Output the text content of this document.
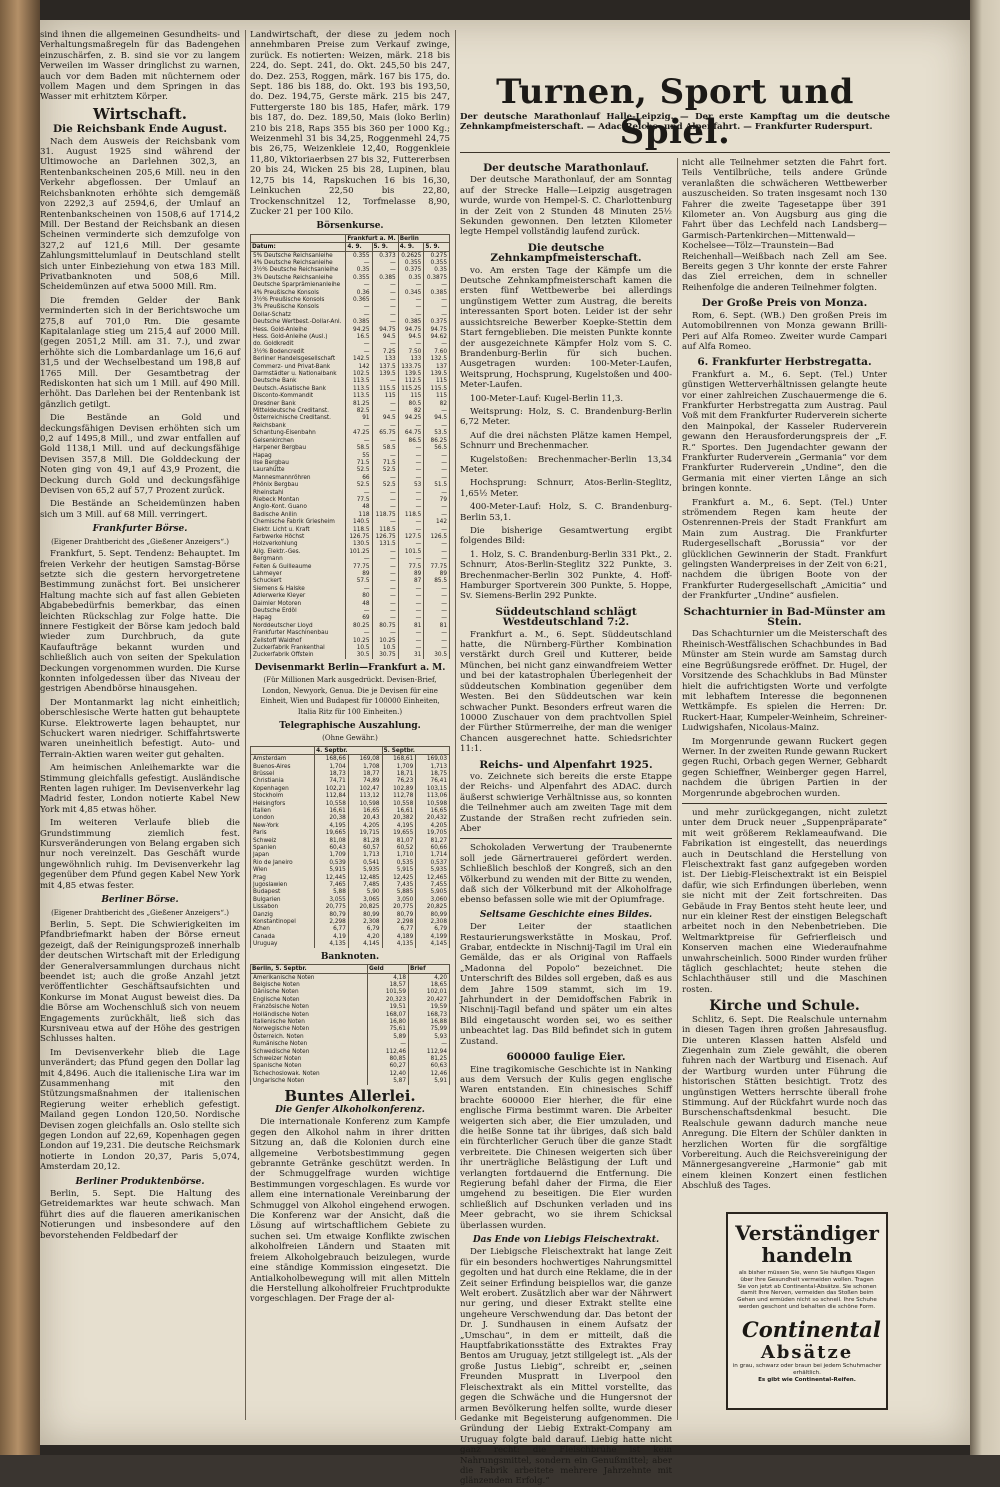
sind ihnen die allgemeinen Gesundheits- und Verhaltungsmaßregeln für das Badengehen einzuschärfen, z. B. sind sie vor zu langem Verweilen im Wasser dringlichst zu warnen, auch vor dem Baden mit nüchternem oder vollem Magen und dem Springen in das Wasser mit erhitztem Körper.

Wirtschaft.
Die Reichsbank Ende August.

Nach dem Ausweis der Reichsbank vom 31. August 1925 sind während der Ultimowoche an Darlehnen 302,3, an Rentenbankscheinen 205,6 Mill. neu in den Verkehr abgeflossen. Der Umlauf an Reichsbanknoten erhöhte sich demgemäß von 2292,3 auf 2594,6, der Umlauf an Rentenbankscheinen von 1508,6 auf 1714,2 Mill. Der Bestand der Reichsbank an diesen Scheinen verminderte sich demzufolge von 327,2 auf 121,6 Mill. Der gesamte Zahlungsmittelumlauf in Deutschland stellt sich unter Einbeziehung von etwa 183 Mill. Privatbanknoten und 508,6 Mill. Scheidemünzen auf etwa 5000 Mill. Rm.

Die fremden Gelder der Bank verminderten sich in der Berichtswoche um 275,8 auf 701,0 Rm. Die gesamte Kapitalanlage stieg um 215,4 auf 2000 Mill. (gegen 2051,2 Mill. am 31. 7.), und zwar erhöhte sich die Lombardanlage um 16,6 auf 31,5 und der Wechselbestand um 198,8 auf 1765 Mill. Der Gesamtbetrag der Rediskonten hat sich um 1 Mill. auf 490 Mill. erhöht. Das Darlehen bei der Rentenbank ist gänzlich getilgt.

Die Bestände an Gold und deckungsfähigen Devisen erhöhten sich um 0,2 auf 1495,8 Mill., und zwar entfallen auf Gold 1138,1 Mill. und auf deckungsfähige Devisen 357,8 Mill. Die Golddeckung der Noten ging von 49,1 auf 43,9 Prozent, die Deckung durch Gold und deckungsfähige Devisen von 65,2 auf 57,7 Prozent zurück.

Die Bestände an Scheidemünzen haben sich um 3 Mill. auf 68 Mill. verringert.

Frankfurter Börse.
(Eigener Drahtbericht des „Gießener Anzeigers“.)

Frankfurt, 5. Sept. Tendenz: Behauptet. Im freien Verkehr der heutigen Samstag-Börse setzte sich die gestern hervorgetretene Bestimmung zunächst fort. Bei unsicherer Haltung machte sich auf fast allen Gebieten Abgabebedürfnis bemerkbar, das einen leichten Rückschlag zur Folge hatte. Die innere Festigkeit der Börse kam jedoch bald wieder zum Durchbruch, da gute Kaufaufträge bekannt wurden und schließlich auch von seiten der Spekulation Deckungen vorgenommen wurden. Die Kurse konnten infolgedessen über das Niveau der gestrigen Abendbörse hinausgehen.

Der Montanmarkt lag nicht einheitlich; oberschlesische Werte hatten gut behauptete Kurse. Elektrowerte lagen behauptet, nur Schuckert waren niedriger. Schiffahrtswerte waren uneinheitlich befestigt. Auto- und Terrain-Aktien waren weiter gut gehalten.

Am heimischen Anleihemarkte war die Stimmung gleichfalls gefestigt. Ausländische Renten lagen ruhiger. Im Devisenverkehr lag Madrid fester, London notierte Kabel New York mit 4,85 etwas höher.

Im weiteren Verlaufe blieb die Grundstimmung ziemlich fest. Kursveränderungen von Belang ergaben sich nur noch vereinzelt. Das Geschäft wurde ungewöhnlich ruhig. Im Devisenverkehr lag gegenüber dem Pfund gegen Kabel New York mit 4,85 etwas fester.

Berliner Börse.
(Eigener Drahtbericht des „Gießener Anzeigers“.)

Berlin, 5. Sept. Die Schwierigkeiten im Pfandbriefmarkt haben der Börse erneut gezeigt, daß der Reinigungsprozeß innerhalb der deutschen Wirtschaft mit der Erledigung der Generalversammlungen durchaus nicht beendet ist; auch die große Anzahl jetzt veröffentlichter Geschäftsaufsichten und Konkurse im Monat August beweist dies. Da die Börse am Wochenschluß sich von neuem Engagements zurückhält, ließ sich das Kursniveau etwa auf der Höhe des gestrigen Schlusses halten.

Im Devisenverkehr blieb die Lage unverändert; das Pfund gegen den Dollar lag mit 4,8496. Auch die italienische Lira war im Zusammenhang mit den Stützungsmaßnahmen der italienischen Regierung weiter erheblich gefestigt. Mailand gegen London 120,50. Nordische Devisen zogen gleichfalls an. Oslo stellte sich gegen London auf 22,69, Kopenhagen gegen London auf 19,231. Die deutsche Reichsmark notierte in London 20,37, Paris 5,074, Amsterdam 20,12.

Berliner Produktenbörse.

Berlin, 5. Sept. Die Haltung des Getreidemarktes war heute schwach. Man führt dies auf die flaueren amerikanischen Notierungen und insbesondere auf den bevorstehenden Feldbedarf der

Landwirtschaft, der diese zu jedem noch annehmbaren Preise zum Verkauf zwinge, zurück. Es notierten: Weizen, märk. 218 bis 224, do. Sept. 241, do. Okt. 245,50 bis 247, do. Dez. 253, Roggen, märk. 167 bis 175, do. Sept. 186 bis 188, do. Okt. 193 bis 193,50, do. Dez. 194,75, Gerste märk. 215 bis 247, Futtergerste 180 bis 185, Hafer, märk. 179 bis 187, do. Dez. 189,50, Mais (loko Berlin) 210 bis 218, Raps 355 bis 360 per 1000 Kg.; Weizenmehl 31 bis 34,25, Roggenmehl 24,75 bis 26,75, Weizenkleie 12,40, Roggenkleie 11,80, Viktoriaerbsen 27 bis 32, Futtererbsen 20 bis 24, Wicken 25 bis 28, Lupinen, blau 12,75 bis 14, Rapskuchen 16 bis 16,30, Leinkuchen 22,50 bis 22,80, Trockenschnitzel 12, Torfmelasse 8,90, Zucker 21 per 100 Kilo.

Börsenkurse.
	Frankfurt a. M.		Berlin	
Datum:	4. 9.	5. 9.	4. 9.	5. 9.
5% Deutsche Reichsanleihe	0.355	0.373	0.2625	0.275
4% Deutsche Reichsanleihe	—	—	0.355	0.355
3½% Deutsche Reichsanleihe	0.35	—	0.375	0.35
3% Deutsche Reichsanleihe	0.355	0.385	0.35	0.3875
Deutsche Sparprämienanleihe	—	—	—	—
4% Preußische Konsols	0.36	—	0.345	0.385
3½% Preußische Konsols	0.365	—	—	—
3% Preußische Konsols	—	—	—	—
Dollar-Schatz	—	—	—	—
Deutsche Wertbest.-Dollar-Anl.	0.385	—	0.385	0.375
Hess. Gold-Anleihe	94.25	94.75	94.75	94.75
Hess. Gold-Anleihe (Ausl.)	16.5	94.5	94.5	94.62
do. Goldkredit	—	—	—	—
3½% Bodencredit	—	7.25	7.50	7.60
Berliner Handelsgesellschaft	142.5	133	133	132.5
Commerz- und Privat-Bank	142	137.5	133.75	137
Darmstädter u. Nationalbank	102.5	139.5	139.5	139.5
Deutsche Bank	113.5	—	112.5	115
Deutsch.-Asiatische Bank	113.5	115.5	115.25	115.5
Disconto-Kommandit	113.5	115	115	115
Dresdner Bank	81.25	—	80.5	82
Mitteldeutsche Creditanst.	82.5	—	82	—
Österreichische Creditanst.	91	94.5	94.25	94.5
Reichsbank	—	—	—	—
Schantung-Eisenbahn	47.25	65.75	64.75	53.5
Gelsenkirchen	—	—	86.5	86.25
Harpener Bergbau	58.5	58.5	—	56.5
Hapag	55	—	—	—
Ilse Bergbau	71.5	71.5	—	—
Laurahütte	52.5	52.5	—	—
Mannesmannröhren	66	—	—	—
Phönix Bergbau	52.5	52.5	53	51.5
Rheinstahl	—	—	—	—
Riebeck Montan	77.5	—	—	79
Anglo-Kont. Guano	48	—	—	—
Badische Anilin	118	118.75	118.5	—
Chemische Fabrik Griesheim	140.5	—	—	142
Elektr. Licht u. Kraft	118.5	118.5	—	—
Farbwerke Höchst	126.75	126.75	127.5	126.5
Holzverkohlung	130.5	131.5	—	—
Allg. Elektr.-Ges.	101.25	—	101.5	—
Bergmann	—	—	—	—
Felten & Guilleaume	77.75	—	77.5	77.75
Lahmeyer	89	—	89	89
Schuckert	57.5	—	87	85.5
Siemens & Halske	—	—	—	—
Adlerwerke Kleyer	80	—	—	—
Daimler Motoren	48	—	—	—
Deutsche Erdöl	—	—	—	—
Hapag	69	—	—	—
Norddeutscher Lloyd	80.25	80.75	81	81
Frankfurter Maschinenbau	—	—	—	—
Zellstoff Waldhof	10.25	10.25	—	—
Zuckerfabrik Frankenthal	10.5	10.5	—	—
Zuckerfabrik Offstein	30.5	30.75	31	30.5
Devisenmarkt Berlin—Frankfurt a. M.
(Für Millionen Mark ausgedrückt. Devisen-Brief, London, Newyork, Genua. Die je Devisen für eine Einheit, Wien und Budapest für 100000 Einheiten, Italia Ritz für 100 Einheiten.)
Telegraphische Auszahlung.
(Ohne Gewähr.)
	4. Septbr.		5. Septbr.	
Amsterdam	168,66	169,08	168,61	169,03
Buenos-Aires	1,704	1,708	1,709	1,713
Brüssel	18,73	18,77	18,71	18,75
Christiania	74,71	74,89	76,23	76,41
Kopenhagen	102,21	102,47	102,89	103,15
Stockholm	112,84	113,12	112,78	113,06
Helsingfors	10,558	10,598	10,558	10,598
Italien	16,61	16,65	16,61	16,65
London	20,38	20,43	20,382	20,432
New-York	4,195	4,205	4,195	4,205
Paris	19,665	19,715	19,655	19,705
Schweiz	81,08	81,28	81,07	81,27
Spanien	60,43	60,57	60,52	60,66
Japan	1,709	1,713	1,710	1,714
Rio de Janeiro	0,539	0,541	0,535	0,537
Wien	5,915	5,935	5,915	5,935
Prag	12,445	12,485	12,425	12,465
Jugoslawien	7,465	7,485	7,435	7,455
Budapest	5,88	5,90	5,885	5,905
Bulgarien	3,055	3,065	3,050	3,060
Lissabon	20,775	20,825	20,775	20,825
Danzig	80,79	80,99	80,79	80,99
Konstantinopel	2,298	2,308	2,298	2,308
Athen	6,77	6,79	6,77	6,79
Canada	4,19	4,20	4,189	4,199
Uruguay	4,135	4,145	4,135	4,145
Banknoten.
Berlin, 5. Septbr.	Geld	Brief
Amerikanische Noten	4,18	4,20
Belgische Noten	18,57	18,65
Dänische Noten	101,59	102,01
Englische Noten	20,323	20,427
Französische Noten	19,51	19,59
Holländische Noten	168,07	168,73
Italienische Noten	16,80	16,88
Norwegische Noten	75,61	75,99
Österreich. Noten	5,89	5,93
Rumänische Noten	—	—
Schwedische Noten	112,46	112,94
Schweizer Noten	80,85	81,25
Spanische Noten	60,27	60,63
Tschechoslowak. Noten	12,40	12,46
Ungarische Noten	5,87	5,91
Buntes Allerlei.
Die Genfer Alkoholkonferenz.

Die internationale Konferenz zum Kampfe gegen den Alkohol nahm in ihrer dritten Sitzung an, daß die Kolonien durch eine allgemeine Verbotsbestimmung gegen gebrannte Getränke geschützt werden. In der Schmuggelfrage wurden wichtige Bestimmungen vorgeschlagen. Es wurde vor allem eine internationale Vereinbarung der Schmuggel von Alkohol eingehend erwogen. Die Konferenz war der Ansicht, daß die Lösung auf wirtschaftlichem Gebiete zu suchen sei. Um etwaige Konflikte zwischen alkoholfreien Ländern und Staaten mit freiem Alkoholgebrauch beizulegen, wurde eine ständige Kommission eingesetzt. Die Antialkoholbewegung will mit allen Mitteln die Herstellung alkoholfreier Fruchtprodukte vorgeschlagen. Der Frage der al-

Turnen, Sport und Spiel.
Der deutsche Marathonlauf Halle-Leipzig. — Der erste Kampftag um die deutsche Zehnkampfmeisterschaft. — Adac-Reichs- und Alpenfahrt. — Frankfurter Ruderspurt.
Der deutsche Marathonlauf.

Der deutsche Marathonlauf, der am Sonntag auf der Strecke Halle—Leipzig ausgetragen wurde, wurde von Hempel-S. C. Charlottenburg in der Zeit von 2 Stunden 48 Minuten 25½ Sekunden gewonnen. Den letzten Kilometer legte Hempel vollständig laufend zurück.

Die deutsche Zehnkampfmeisterschaft.

vo. Am ersten Tage der Kämpfe um die Deutsche Zehnkampfmeisterschaft kamen die ersten fünf Wettbewerbe bei allerdings ungünstigem Wetter zum Austrag, die bereits interessanten Sport boten. Leider ist der sehr aussichtsreiche Bewerber Koepke-Stettin dem Start ferngeblieben. Die meisten Punkte konnte der ausgezeichnete Kämpfer Holz vom S. C. Brandenburg-Berlin für sich buchen. Ausgetragen wurden: 100-Meter-Laufen, Weitsprung, Hochsprung, Kugelstoßen und 400-Meter-Laufen.

100-Meter-Lauf: Kugel-Berlin 11,3.

Weitsprung: Holz, S. C. Brandenburg-Berlin 6,72 Meter.

Auf die drei nächsten Plätze kamen Hempel, Schnurr und Brechenmacher.

Kugelstoßen: Brechenmacher-Berlin 13,34 Meter.

Hochsprung: Schnurr, Atos-Berlin-Steglitz, 1,65½ Meter.

400-Meter-Lauf: Holz, S. C. Brandenburg-Berlin 53,1.

Die bisherige Gesamtwertung ergibt folgendes Bild:

1. Holz, S. C. Brandenburg-Berlin 331 Pkt., 2. Schnurr, Atos-Berlin-Steglitz 322 Punkte, 3. Brechenmacher-Berlin 302 Punkte, 4. Hoff-Hamburger Sportverein 300 Punkte, 5. Hoppe, Sv. Siemens-Berlin 292 Punkte.

Süddeutschland schlägt Westdeutschland 7:2.

Frankfurt a. M., 6. Sept. Süddeutschland hatte, die Nürnberg-Fürther Kombination verstärkt durch Greil und Kutterer, beide München, bei nicht ganz einwandfreiem Wetter und bei der katastrophalen Überlegenheit der süddeutschen Kombination gegenüber dem Westen. Bei den Süddeutschen war kein schwacher Punkt. Besonders erfreut waren die 10000 Zuschauer von dem prachtvollen Spiel der Fürther Stürmerreihe, der man die weniger Chancen ausgerechnet hatte. Schiedsrichter 11:1.

Reichs- und Alpenfahrt 1925.

vo. Zeichnete sich bereits die erste Etappe der Reichs- und Alpenfahrt des ADAC. durch äußerst schwierige Verhältnisse aus, so konnten die Teilnehmer auch am zweiten Tage mit dem Zustande der Straßen recht zufrieden sein. Aber

Schokoladen Verwertung der Traubenernte soll jede Gärnertrauerei gefördert werden. Schließlich beschloß der Kongreß, sich an den Völkerbund zu wenden mit der Bitte zu wenden, daß sich der Völkerbund mit der Alkoholfrage ebenso befassen solle wie mit der Opiumfrage.

Seltsame Geschichte eines Bildes.

Der Leiter der staatlichen Restaurierungswerkstätte in Moskau, Prof. Grabar, entdeckte in Nischnij-Tagil im Ural ein Gemälde, das er als Original von Raffaels „Madonna del Popolo“ bezeichnet. Die Unterschrift des Bildes soll ergeben, daß es aus dem Jahre 1509 stammt, sich im 19. Jahrhundert in der Demidoffschen Fabrik in Nischnij-Tagil befand und später um ein altes Bild eingetauscht worden sei, wo es seither unbeachtet lag. Das Bild befindet sich in gutem Zustand.

600000 faulige Eier.

Eine tragikomische Geschichte ist in Nanking aus dem Versuch der Kulis gegen englische Waren entstanden. Ein chinesisches Schiff brachte 600000 Eier hierher, die für eine englische Firma bestimmt waren. Die Arbeiter weigerten sich aber, die Eier umzuladen, und die heiße Sonne tat ihr übriges, daß sich bald ein fürchterlicher Geruch über die ganze Stadt verbreitete. Die Chinesen weigerten sich über ihr unerträgliche Belästigung der Luft und verlangten fortdauernd die Entfernung. Die Regierung befahl daher der Firma, die Eier umgehend zu beseitigen. Die Eier wurden schließlich auf Dschunken verladen und ins Meer gebracht, wo sie ihrem Schicksal überlassen wurden.

Das Ende von Liebigs Fleischextrakt.

Der Liebigsche Fleischextrakt hat lange Zeit für ein besonders hochwertiges Nahrungsmittel gegolten und hat durch eine Reklame, die in der Zeit seiner Erfindung beispiellos war, die ganze Welt erobert. Zusätzlich aber war der Nährwert nur gering, und dieser Extrakt stellte eine ungeheure Verschwendung dar. Das betont der Dr. J. Sundhausen in einem Aufsatz der „Umschau“, in dem er mitteilt, daß die Hauptfabrikationsstätte des Extraktes Fray Bentos am Uruguay, jetzt stillgelegt ist. „Als der große Justus Liebig“, schreibt er, „seinen Freunden Muspratt in Liverpool den Fleischextrakt als ein Mittel vorstellte, das gegen die Schwäche und die Hungersnot der armen Bevölkerung helfen sollte, wurde dieser Gedanke mit Begeisterung aufgenommen. Die Gründung der Liebig Extrakt-Company am Uruguay folgte bald darauf. Liebig hatte nicht ganz recht: die Fleischbrühe ist kein Nahrungsmittel, sondern ein Genußmittel; aber die Fabrik arbeitete mehrere Jahrzehnte mit glänzendem Erfolg.“

nicht alle Teilnehmer setzten die Fahrt fort. Teils Ventilbrüche, teils andere Gründe veranlaßten die schwächeren Wettbewerber auszuscheiden. So traten insgesamt noch 130 Fahrer die zweite Tagesetappe über 391 Kilometer an. Von Augsburg aus ging die Fahrt über das Lechfeld nach Landsberg—Garmisch-Partenkirchen—Mittenwald—Kochelsee—Tölz—Traunstein—Bad Reichenhall—Weißbach nach Zell am See. Bereits gegen 3 Uhr konnte der erste Fahrer das Ziel erreichen, dem in schneller Reihenfolge die anderen Teilnehmer folgten.

Der Große Preis von Monza.

Rom, 6. Sept. (WB.) Den großen Preis im Automobilrennen von Monza gewann Brilli-Peri auf Alfa Romeo. Zweiter wurde Campari auf Alfa Romeo.

6. Frankfurter Herbstregatta.

Frankfurt a. M., 6. Sept. (Tel.) Unter günstigen Wetterverhältnissen gelangte heute vor einer zahlreichen Zuschauermenge die 6. Frankfurter Herbstregatta zum Austrag. Paul Voß mit dem Frankfurter Ruderverein sicherte den Mainpokal, der Kasseler Ruderverein gewann den Herausforderungspreis der „F. R.“ Sportes. Den Jugendachter gewann der Frankfurter Ruderverein „Germania“ vor dem Frankfurter Ruderverein „Undine“, den die Germania mit einer vierten Länge an sich bringen konnte.

Frankfurt a. M., 6. Sept. (Tel.) Unter strömendem Regen kam heute der Ostenrennen-Preis der Stadt Frankfurt am Main zum Austrag. Die Frankfurter Rudergesellschaft „Borussia“ vor der glücklichen Gewinnerin der Stadt. Frankfurt gelingsten Wanderpreises in der Zeit von 6:21, nachdem die übrigen Boote von der Frankfurter Rudergesellschaft „Amicitia“ und der Frankfurter „Undine“ ausfielen.

Schachturnier in Bad-Münster am Stein.

Das Schachturnier um die Meisterschaft des Rheinisch-Westfälischen Schachbundes in Bad Münster am Stein wurde am Samstag durch eine Begrüßungsrede eröffnet. Dr. Hugel, der Vorsitzende des Schachklubs in Bad Münster hielt die aufrichtigsten Worte und verfolgte mit lebhaftem Interesse die begonnenen Wettkämpfe. Es spielen die Herren: Dr. Ruckert-Haar, Kumpeler-Weinheim, Schreiner-Ludwigshafen, Nicolaus-Mainz.

Im Morgenrunde gewann Ruckert gegen Werner. In der zweiten Runde gewann Ruckert gegen Ruchi, Orbach gegen Werner, Gebhardt gegen Schieffner, Weinberger gegen Harrel, nachdem die übrigen Partien in der Morgenrunde abgebrochen wurden.

und mehr zurückgegangen, nicht zuletzt unter dem Druck neuer „Suppenpräparate“ mit weit größerem Reklameaufwand. Die Fabrikation ist eingestellt, das neuerdings auch in Deutschland die Herstellung von Fleischextrakt fast ganz aufgegeben worden ist. Der Liebig-Fleischextrakt ist ein Beispiel dafür, wie sich Erfindungen überleben, wenn sie nicht mit der Zeit fortschreiten. Das Gebäude in Fray Bentos steht heute leer, und nur ein kleiner Rest der einstigen Belegschaft arbeitet noch in den Nebenbetrieben. Die Weltmarktpreise für Gefrierfleisch und Konserven machen eine Wiederaufnahme unwahrscheinlich. 5000 Rinder wurden früher täglich geschlachtet; heute stehen die Schlachthäuser still und die Maschinen rosten.

Kirche und Schule.

Schlitz, 6. Sept. Die Realschule unternahm in diesen Tagen ihren großen Jahresausflug. Die unteren Klassen hatten Alsfeld und Ziegenhain zum Ziele gewählt, die oberen fuhren nach der Wartburg und Eisenach. Auf der Wartburg wurden unter Führung die historischen Stätten besichtigt. Trotz des ungünstigen Wetters herrschte überall frohe Stimmung. Auf der Rückfahrt wurde noch das Burschenschaftsdenkmal besucht. Die Realschule gewann dadurch manche neue Anregung. Die Eltern der Schüler dankten in herzlichen Worten für die sorgfältige Vorbereitung. Auch die Reichsvereinigung der Männergesangvereine „Harmonie“ gab mit einem kleinen Konzert einen festlichen Abschluß des Tages.

Verständiger
handeln
als bisher müssen Sie, wenn Sie häufiges Klagen über Ihre Gesundheit vermeiden wollen. Tragen Sie von jetzt ab Continental-Absätze. Sie schonen damit Ihre Nerven, vermeiden das Stoßen beim Gehen und ermüden nicht so schnell. Ihre Schuhe werden geschont und behalten die schöne Form.
Continental
Absätze
in grau, schwarz oder braun bei jedem Schuhmacher erhältlich.
Es gibt wie Continental-Reifen.
